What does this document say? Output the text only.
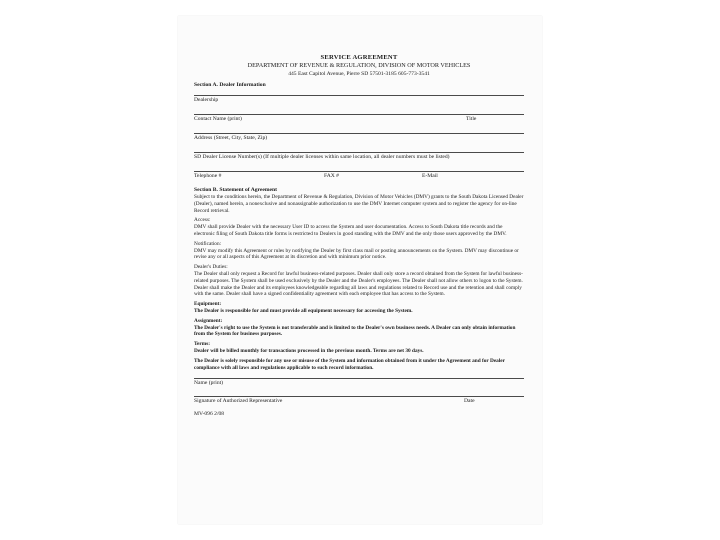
SERVICE AGREEMENT
DEPARTMENT OF REVENUE & REGULATION, DIVISION OF MOTOR VEHICLES
445 East Capitol Avenue, Pierre SD 57501-3185 605-773-3541
Section A. Dealer Information
Dealership
Contact Name (print)	Title
Address (Street, City, State, Zip)
SD Dealer License Number(s) (If multiple dealer licenses within same location, all dealer numbers must be listed)
Telephone #	FAX #	E-Mail
Section B. Statement of Agreement
Subject to the conditions herein, the Department of Revenue & Regulation, Division of Motor Vehicles (DMV) grants to the South Dakota Licensed Dealer (Dealer), named herein, a nonexclusive and nonassignable authorization to use the DMV Internet computer system and to register the agency for on-line Record retrieval.
Access:
DMV shall provide Dealer with the necessary User ID to access the System and user documentation. Access to South Dakota title records and the electronic filing of South Dakota title forms is restricted to Dealers in good standing with the DMV and the only those users approved by the DMV.
Notification:
DMV may modify this Agreement or rules by notifying the Dealer by first class mail or posting announcements on the System. DMV may discontinue or revise any or all aspects of this Agreement at its discretion and with minimum prior notice.
Dealer's Duties:
The Dealer shall only request a Record for lawful business-related purposes. Dealer shall only store a record obtained from the System for lawful business-related purposes. The System shall be used exclusively by the Dealer and the Dealer's employees. The Dealer shall not allow others to logon to the System. Dealer shall make the Dealer and its employees knowledgeable regarding all laws and regulations related to Record use and the retention and shall comply with the same. Dealer shall have a signed confidentiality agreement with each employee that has access to the System.
Equipment:
The Dealer is responsible for and must provide all equipment necessary for accessing the System.
Assignment:
The Dealer's right to use the System is not transferable and is limited to the Dealer's own business needs. A Dealer can only obtain information from the System for business purposes.
Terms:
Dealer will be billed monthly for transactions processed in the previous month. Terms are net 30 days.
The Dealer is solely responsible for any use or misuse of the System and information obtained from it under the Agreement and for Dealer compliance with all laws and regulations applicable to such record information.
Name (print)
Signature of Authorized Representative	Date
MV-096 2/08
